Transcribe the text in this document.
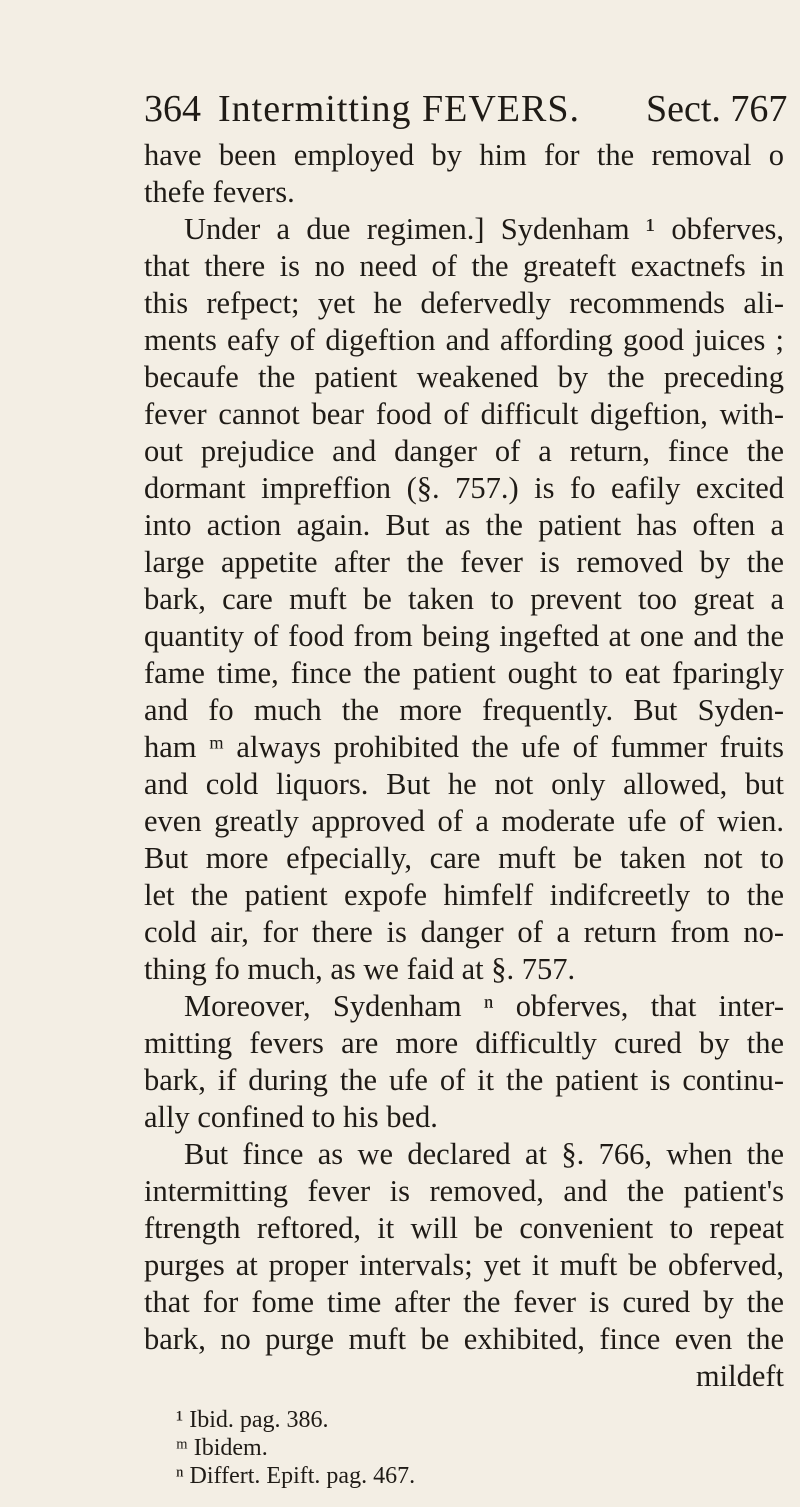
364 Intermitting FEVERS. Sect. 767
have been employed by him for the removal o
thefe fevers.
Under a due regimen.] Sydenham ¹ obferves,
that there is no need of the greateft exactnefs in
this refpect; yet he defervedly recommends ali-
ments eafy of digeftion and affording good juices ;
becaufe the patient weakened by the preceding
fever cannot bear food of difficult digeftion, with-
out prejudice and danger of a return, fince the
dormant impreffion (§. 757.) is fo eafily excited
into action again. But as the patient has often a
large appetite after the fever is removed by the
bark, care muft be taken to prevent too great a
quantity of food from being ingefted at one and the
fame time, fince the patient ought to eat fparingly
and fo much the more frequently. But Syden-
ham ᵐ always prohibited the ufe of fummer fruits
and cold liquors. But he not only allowed, but
even greatly approved of a moderate ufe of wien.
But more efpecially, care muft be taken not to
let the patient expofe himfelf indifcreetly to the
cold air, for there is danger of a return from no-
thing fo much, as we faid at §. 757.
Moreover, Sydenham ⁿ obferves, that inter-
mitting fevers are more difficultly cured by the
bark, if during the ufe of it the patient is continu-
ally confined to his bed.
But fince as we declared at §. 766, when the
intermitting fever is removed, and the patient's
ftrength reftored, it will be convenient to repeat
purges at proper intervals; yet it muft be obferved,
that for fome time after the fever is cured by the
bark, no purge muft be exhibited, fince even the
mildeft
¹ Ibid. pag. 386.
ᵐ Ibidem.
ⁿ Differt. Epift. pag. 467.
